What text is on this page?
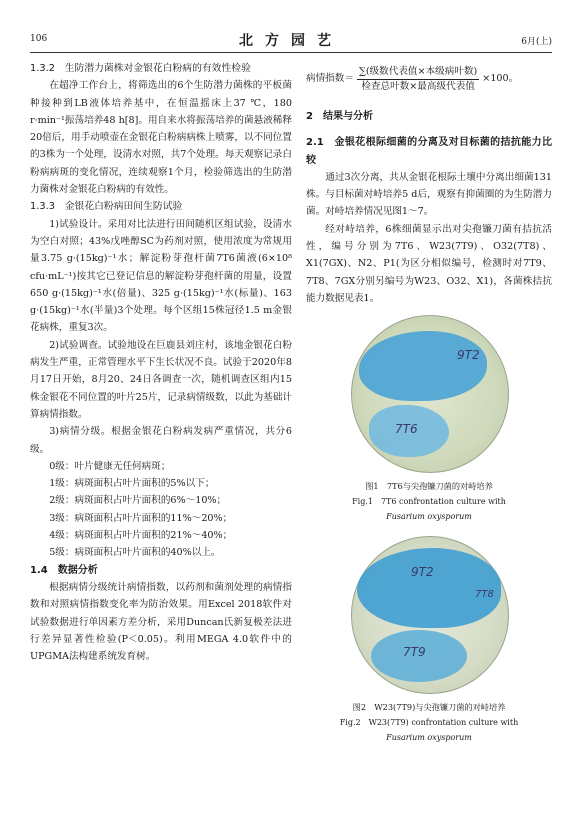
106	北方园艺	6月(上)

1.3.2　生防潜力菌株对金银花白粉病的有效性检验

在超净工作台上，将筛选出的6个生防潜力菌株的平板菌种接种到LB液体培养基中，在恒温摇床上37 ℃，180 r·min⁻¹振荡培养48 h[8]。用自来水将振荡培养的菌悬液稀释20倍后，用手动喷壶在金银花白粉病病株上喷雾，以不同位置的3株为一个处理，设清水对照，共7个处理。每天观察记录白粉病病斑的变化情况，连续观察1个月，检验筛选出的生防潜力菌株对金银花白粉病的有效性。

1.3.3　金银花白粉病田间生防试验

1)试验设计。采用对比法进行田间随机区组试验，设清水为空白对照；43%戊唑醇SC为药剂对照，使用浓度为常规用量3.75 g·(15kg)⁻¹水；解淀粉芽孢杆菌7T6菌液(6×10⁸ cfu·mL⁻¹)按其它已登记信息的解淀粉芽孢杆菌的用量，设置650 g·(15kg)⁻¹水(倍量)、325 g·(15kg)⁻¹水(标量)、163 g·(15kg)⁻¹水(半量)3个处理。每个区组15株冠径1.5 m金银花病株，重复3次。

2)试验调查。试验地设在巨鹿县刘庄村，该地金银花白粉病发生严重，正常管理水平下生长状况不良。试验于2020年8月17日开始，8月20、24日各调查一次，随机调查区组内15株金银花不同位置的叶片25片，记录病情级数，以此为基础计算病情指数。

3)病情分级。根据金银花白粉病发病严重情况，共分6级。

0级：叶片健康无任何病斑；

1级：病斑面积占叶片面积的5%以下；

2级：病斑面积占叶片面积的6%～10%；

3级：病斑面积占叶片面积的11%～20%；

4级：病斑面积占叶片面积的21%～40%；

5级：病斑面积占叶片面积的40%以上。

1.4　数据分析

根据病情分级统计病情指数，以药剂和菌剂处理的病情指数和对照病情指数变化率为防治效果。用Excel 2018软件对试验数据进行单因素方差分析，采用Duncan氏新复极差法进行差异显著性检验(P＜0.05)。利用MEGA 4.0软件中的UPGMA法构建系统发育树。

病情指数＝ $\frac{\text{∑(级数代表值×本级病叶数)}}{\text{检查总叶数×最高级代表值}} \times 100$。

2　结果与分析

2.1　金银花根际细菌的分离及对目标菌的拮抗能力比较

通过3次分离，共从金银花根际土壤中分离出细菌131株。与目标菌对峙培养5 d后，观察有抑菌圈的为生防潜力菌。对峙培养情况见图1～7。

经对峙培养，6株细菌显示出对尖孢镰刀菌有拮抗活性，编号分别为7T6、W23(7T9)、O32(7T8)、X1(7GX)、N2、P1(为区分相似编号，检测时对7T9、7T8、7GX分别另编号为W23、O32、X1)，各菌株拮抗能力数据见表1。

9T2
7T6
图1　7T6与尖孢镰刀菌的对峙培养
Fig.1　7T6 confrontation culture with
Fusarium oxysporum
9T2
7T8
7T9
图2　W23(7T9)与尖孢镰刀菌的对峙培养
Fig.2　W23(7T9) confrontation culture with
Fusarium oxysporum
